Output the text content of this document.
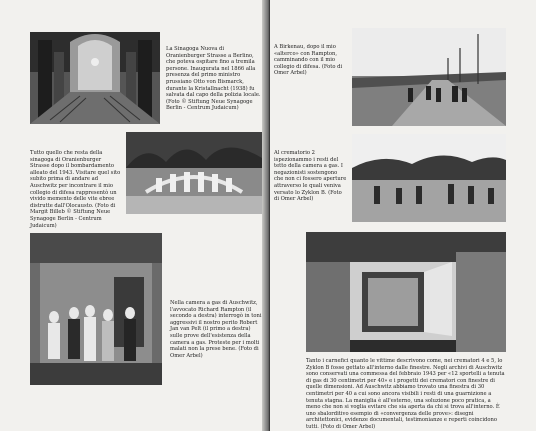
La Sinagoga Nuova di Oranienburger Strasse a Berlino, che poteva ospitare fino a tremila persone. Inaugurata nel 1866 alla presenza del primo ministro prussiano Otto von Bismarck, durante la Kristallnacht (1938) fu salvata dal capo della polizia locale. (Foto © Stiftung Neue Synagoge Berlin - Centrum Judaicum)

Tutto quello che resta della sinagoga di Oranienburger Strasse dopo il bombardamento alleato del 1943. Visitare quel sito subito prima di andare ad Auschwitz per incontrare il mio collegio di difesa rappresentò un vivido memento delle vite ebree distrutte dall'Olocausto. (Foto di Margit Billeb © Stiftung Neue Synagoge Berlin - Centrum Judaicum)

Nella camera a gas di Auschwitz, l'avvocato Richard Rampton (il secondo a destra) interrogò in toni aggressivi il nostro perito Robert Jan van Pelt (il primo a destra) sulle prove dell'esistenza della camera a gas. Proteste per i molti malati non la prese bene. (Foto di Omer Arbel)

A Birkenau, dopo il mio «alterco» con Rampton, camminando con il mio collegio di difesa. (Foto di Omer Arbel)

Al crematorio 2 ispezionammo i resti del tetto della camera a gas. I negazionisti sostengono che non ci fossero aperture attraverso le quali veniva versato lo Zyklon B. (Foto di Omer Arbel)

Tanto i carnefici quanto le vittime descrivono come, nei crematori 4 e 5, lo Zyklon B fosse gettato all'interno dalle finestre. Negli archivi di Auschwitz sono conservati una commessa del febbraio 1943 per «12 sportelli a tenuta di gas di 30 centimetri per 40» e i progetti dei crematori con finestre di quelle dimensioni. Ad Auschwitz abbiamo trovato una finestra di 30 centimetri per 40 a cui sono ancora visibili i resti di una guarnizione a tenuta stagna. La maniglia è all'esterno, una soluzione poco pratica, a meno che non si voglia evitare che sia aperta da chi si trova all'interno. È uno sbalorditivo esempio di «convergenza delle prove»: disegni architettonici, evidenze documentali, testimonianze e reperti coincidono tutti. (Foto di Omer Arbel)
